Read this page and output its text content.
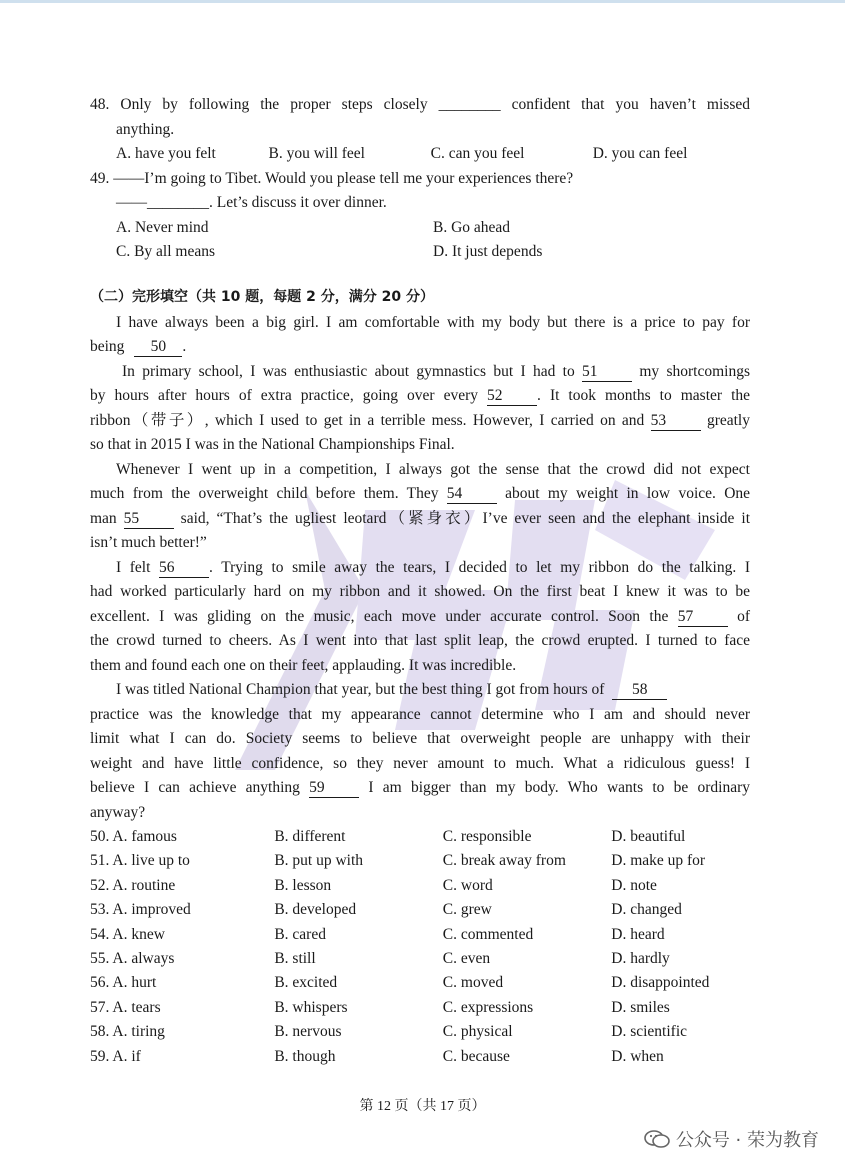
48. Only by following the proper steps closely ________ confident that you haven’t missed
anything.
A. have you felt	B. you will feel	C. can you feel	D. you can feel
49. ——I’m going to Tibet. Would you please tell me your experiences there?
——________. Let’s discuss it over dinner.
A. Never mind	B. Go ahead
C. By all means	D. It just depends
（二）完形填空（共 10 题，每题 2 分，满分 20 分）
I have always been a big girl. I am comfortable with my body but there is a price to pay for
being 50 .
In primary school, I was enthusiastic about gymnastics but I had to 51	my shortcomings
by hours after hours of extra practice, going over every 52 . It took months to master the
ribbon（带子）, which I used to get in a terrible mess. However, I carried on and 53	greatly
so that in 2015 I was in the National Championships Final.
Whenever I went up in a competition, I always got the sense that the crowd did not expect
much from the overweight child before them. They 54	about my weight in low voice. One
man 55	said, “That’s the ugliest leotard（紧身衣）I’ve ever seen and the elephant inside it
isn’t much better!”
I felt 56 . Trying to smile away the tears, I decided to let my ribbon do the talking. I
had worked particularly hard on my ribbon and it showed. On the first beat I knew it was to be
excellent. I was gliding on the music, each move under accurate control. Soon the 57	of
the crowd turned to cheers. As I went into that last split leap, the crowd erupted. I turned to face
them and found each one on their feet, applauding. It was incredible.
I was titled National Champion that year, but the best thing I got from hours of 58
practice was the knowledge that my appearance cannot determine who I am and should never
limit what I can do. Society seems to believe that overweight people are unhappy with their
weight and have little confidence, so they never amount to much. What a ridiculous guess! I
believe I can achieve anything 59	I am bigger than my body. Who wants to be ordinary
anyway?
50. A. famous	B. different	C. responsible	D. beautiful
51. A. live up to	B. put up with	C. break away from	D. make up for
52. A. routine	B. lesson	C. word	D. note
53. A. improved	B. developed	C. grew	D. changed
54. A. knew	B. cared	C. commented	D. heard
55. A. always	B. still	C. even	D. hardly
56. A. hurt	B. excited	C. moved	D. disappointed
57. A. tears	B. whispers	C. expressions	D. smiles
58. A. tiring	B. nervous	C. physical	D. scientific
59. A. if	B. though	C. because	D. when
第 12 页（共 17 页）
公众号 · 荣为教育
